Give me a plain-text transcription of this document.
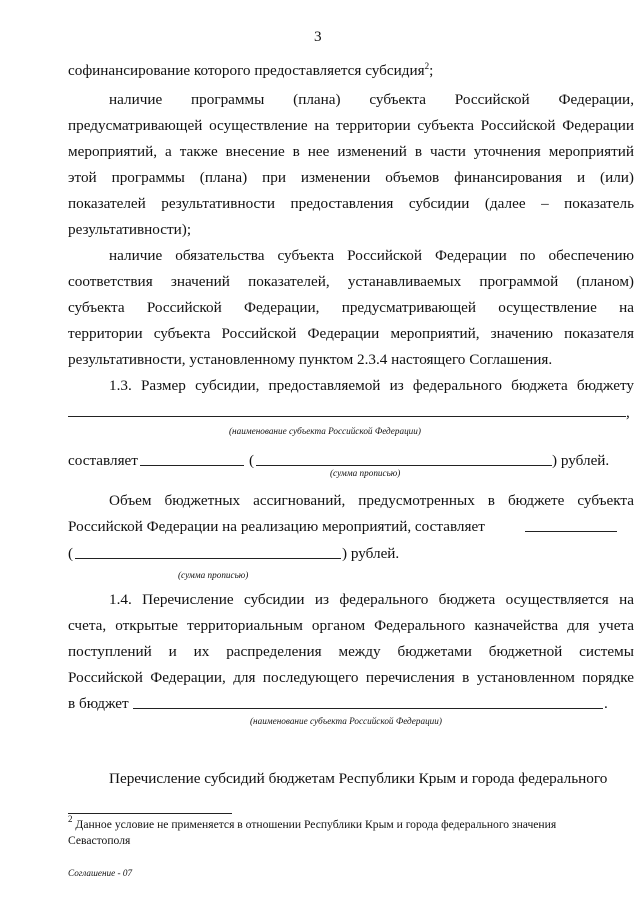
3
софинансирование которого предоставляется субсидия$^2$;
наличие программы (плана) субъекта Российской Федерации,
предусматривающей осуществление на территории субъекта Российской Федерации
мероприятий, а также внесение в нее изменений в части уточнения мероприятий
этой программы (плана) при изменении объемов финансирования и (или)
показателей результативности предоставления субсидии (далее – показатель
результативности);
наличие обязательства субъекта Российской Федерации по обеспечению
соответствия значений показателей, устанавливаемых программой (планом)
субъекта Российской Федерации, предусматривающей осуществление на
территории субъекта Российской Федерации мероприятий, значению показателя
результативности, установленному пунктом 2.3.4 настоящего Соглашения.
1.3. Размер субсидии, предоставляемой из федерального бюджета бюджету
,
(наименование субъекта Российской Федерации)
составляет	(	) рублей.
(сумма прописью)
Объем бюджетных ассигнований, предусмотренных в бюджете субъекта
Российской Федерации на реализацию мероприятий, составляет
(	) рублей.
(сумма прописью)
1.4. Перечисление субсидии из федерального бюджета осуществляется на
счета, открытые территориальным органом Федерального казначейства для учета
поступлений и их распределения между бюджетами бюджетной системы
Российской Федерации, для последующего перечисления в установленном порядке
в бюджет	.
(наименование субъекта Российской Федерации)
Перечисление субсидий бюджетам Республики Крым и города федерального
$^2$ Данное условие не применяется в отношении Республики Крым и города федерального значения
Севастополя
Соглашение - 07
